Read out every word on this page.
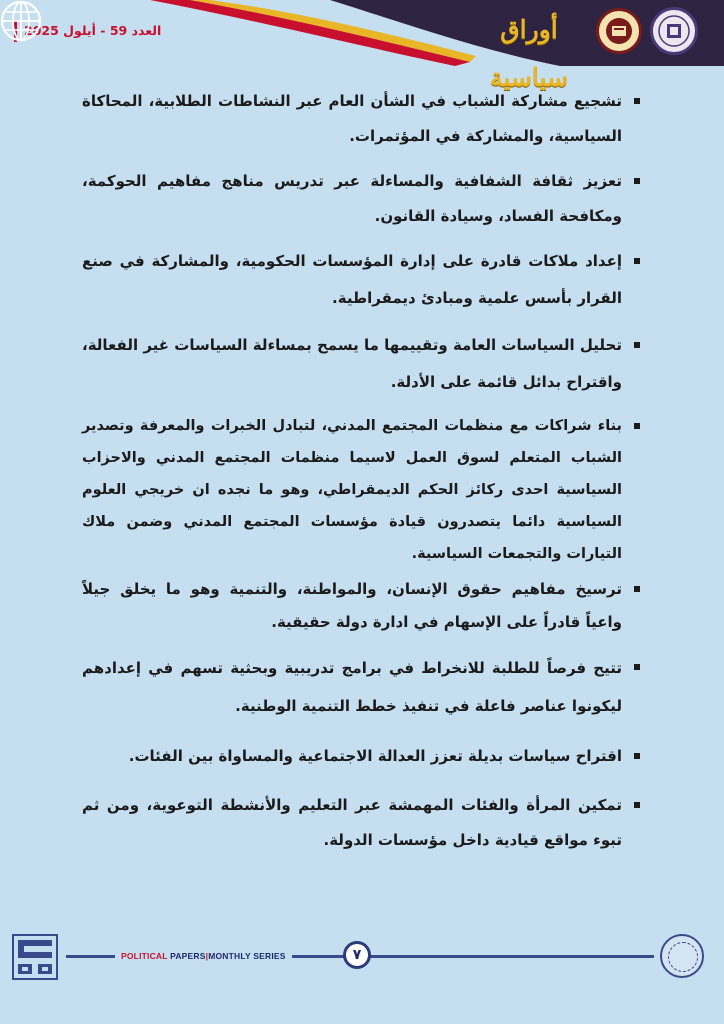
العدد 59 - أيلول 2025	أوراق سياسية
تشجيع مشاركة الشباب في الشأن العام عبر النشاطات الطلابية، المحاكاة السياسية، والمشاركة في المؤتمرات.
تعزيز ثقافة الشفافية والمساءلة عبر تدريس مناهج مفاهيم الحوكمة، ومكافحة الفساد، وسيادة القانون.
إعداد ملاكات قادرة على إدارة المؤسسات الحكومية، والمشاركة في صنع القرار بأسس علمية ومبادئ ديمقراطية.
تحليل السياسات العامة وتقييمها ما يسمح بمساءلة السياسات غير الفعالة، واقتراح بدائل قائمة على الأدلة.
بناء شراكات مع منظمات المجتمع المدني، لتبادل الخبرات والمعرفة وتصدير الشباب المتعلم لسوق العمل لاسيما منظمات المجتمع المدني والاحزاب السياسية احدى ركائز الحكم الديمقراطي، وهو ما نجده ان خريجي العلوم السياسية دائما يتصدرون قيادة مؤسسات المجتمع المدني وضمن ملاك التيارات والتجمعات السياسية.
ترسيخ مفاهيم حقوق الإنسان، والمواطنة، والتنمية وهو ما يخلق جيلاً واعياً قادراً على الإسهام في ادارة دولة حقيقية.
تتيح فرصاً للطلبة للانخراط في برامج تدريبية وبحثية تسهم في إعدادهم ليكونوا عناصر فاعلة في تنفيذ خطط التنمية الوطنية.
اقتراح سياسات بديلة تعزز العدالة الاجتماعية والمساواة بين الفئات.
تمكين المرأة والفئات المهمشة عبر التعليم والأنشطة التوعوية، ومن ثم تبوء مواقع قيادية داخل مؤسسات الدولة.
POLITICAL PAPERS|MONTHLY SERIES	٧
